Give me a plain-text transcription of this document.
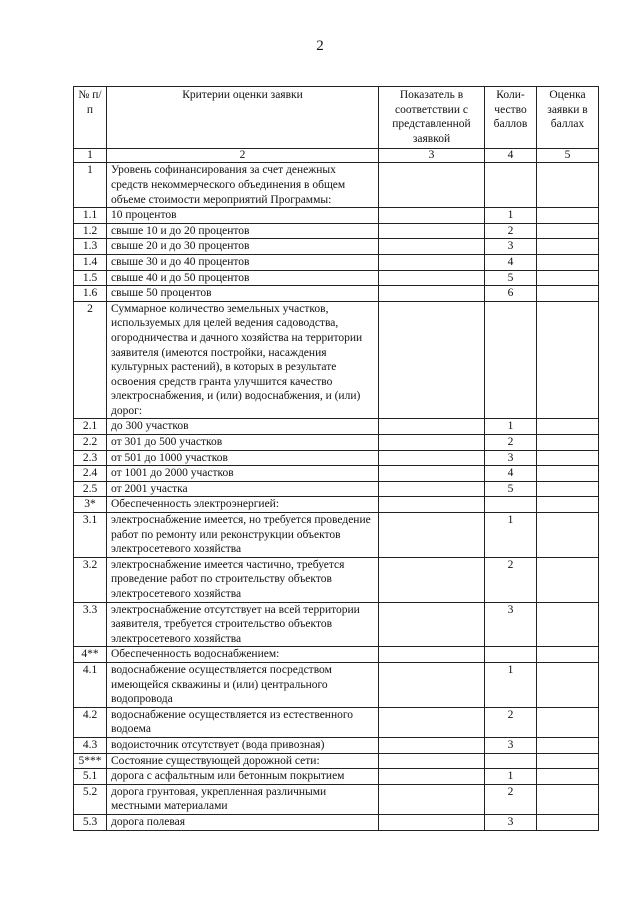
2
№ п/п	Критерии оценки заявки	Показатель в соответствии с представленной заявкой	Коли-чество баллов	Оценка заявки в баллах
1	2	3	4	5
1	Уровень софинансирования за счет денежных средств некоммерческого объединения в общем объеме стоимости мероприятий Программы:			
1.1	10 процентов		1	
1.2	свыше 10 и до 20 процентов		2	
1.3	свыше 20 и до 30 процентов		3	
1.4	свыше 30 и до 40 процентов		4	
1.5	свыше 40 и до 50 процентов		5	
1.6	свыше 50 процентов		6	
2	Суммарное количество земельных участков, используемых для целей ведения садоводства, огородничества и дачного хозяйства на территории заявителя (имеются постройки, насаждения культурных растений), в которых в результате освоения средств гранта улучшится качество электроснабжения, и (или) водоснабжения, и (или) дорог:			
2.1	до 300 участков		1	
2.2	от 301 до 500 участков		2	
2.3	от 501 до 1000 участков		3	
2.4	от 1001 до 2000 участков		4	
2.5	от 2001 участка		5	
3*	Обеспеченность электроэнергией:			
3.1	электроснабжение имеется, но требуется проведение работ по ремонту или реконструкции объектов электросетевого хозяйства		1	
3.2	электроснабжение имеется частично, требуется проведение работ по строительству объектов электросетевого хозяйства		2	
3.3	электроснабжение отсутствует на всей территории заявителя, требуется строительство объектов электросетевого хозяйства		3	
4**	Обеспеченность водоснабжением:			
4.1	водоснабжение осуществляется посредством имеющейся скважины и (или) центрального водопровода		1	
4.2	водоснабжение осуществляется из естественного водоема		2	
4.3	водоисточник отсутствует (вода привозная)		3	
5***	Состояние существующей дорожной сети:			
5.1	дорога с асфальтным или бетонным покрытием		1	
5.2	дорога грунтовая, укрепленная различными местными материалами		2	
5.3	дорога полевая		3	
